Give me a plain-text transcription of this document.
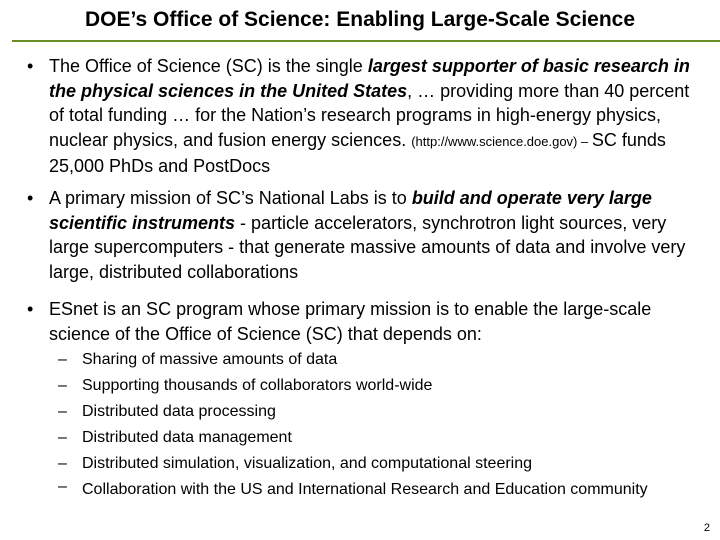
DOE’s Office of Science: Enabling Large-Scale Science
• The Office of Science (SC) is the single largest supporter of basic research in the physical sciences in the United States, … providing more than 40 percent of total funding … for the Nation’s research programs in high-energy physics, nuclear physics, and fusion energy sciences. (http://www.science.doe.gov) – SC funds 25,000 PhDs and PostDocs
• A primary mission of SC’s National Labs is to build and operate very large scientific instruments - particle accelerators, synchrotron light sources, very large supercomputers - that generate massive amounts of data and involve very large, distributed collaborations
• ESnet is an SC program whose primary mission is to enable the large-scale science of the Office of Science (SC) that depends on:
– Sharing of massive amounts of data
– Supporting thousands of collaborators world-wide
– Distributed data processing
– Distributed data management
– Distributed simulation, visualization, and computational steering
– Collaboration with the US and International Research and Education community
2
